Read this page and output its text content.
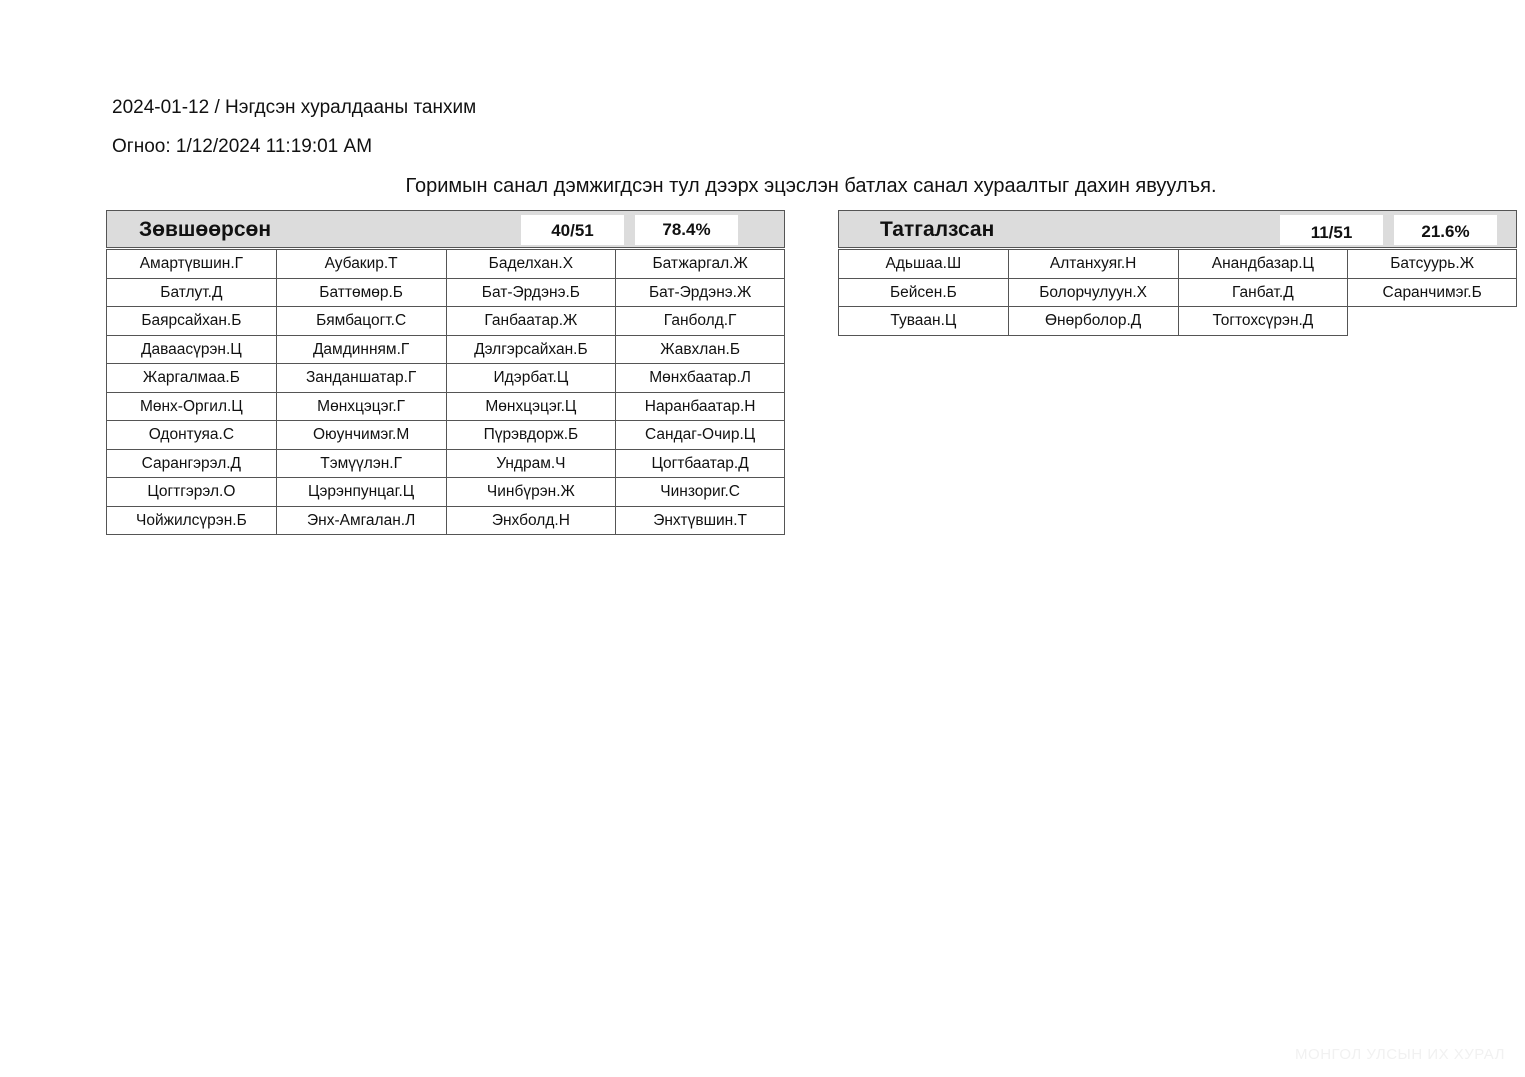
2024-01-12 / Нэгдсэн хуралдааны танхим
Огноо: 1/12/2024 11:19:01 AM
Горимын санал дэмжигдсэн тул дээрх эцэслэн батлах санал хураалтыг дахин явуулъя.
Зөвшөөрсөн	40/51	78.4%
Амартүвшин.Г	Аубакир.Т	Баделхан.Х	Батжаргал.Ж
Батлут.Д	Баттөмөр.Б	Бат-Эрдэнэ.Б	Бат-Эрдэнэ.Ж
Баярсайхан.Б	Бямбацогт.С	Ганбаатар.Ж	Ганболд.Г
Даваасүрэн.Ц	Дамдинням.Г	Дэлгэрсайхан.Б	Жавхлан.Б
Жаргалмаа.Б	Занданшатар.Г	Идэрбат.Ц	Мөнхбаатар.Л
Мөнх-Оргил.Ц	Мөнхцэцэг.Г	Мөнхцэцэг.Ц	Наранбаатар.Н
Одонтуяа.С	Оюунчимэг.М	Пүрэвдорж.Б	Сандаг-Очир.Ц
Сарангэрэл.Д	Тэмүүлэн.Г	Ундрам.Ч	Цогтбаатар.Д
Цогтгэрэл.О	Цэрэнпунцаг.Ц	Чинбүрэн.Ж	Чинзориг.С
Чойжилсүрэн.Б	Энх-Амгалан.Л	Энхболд.Н	Энхтүвшин.Т
Татгалзсан	11/51	21.6%
Адьшаа.Ш	Алтанхуяг.Н	Анандбазар.Ц	Батсуурь.Ж
Бейсен.Б	Болорчулуун.Х	Ганбат.Д	Саранчимэг.Б
Туваан.Ц	Өнөрболор.Д	Тогтохсүрэн.Д
МОНГОЛ УЛСЫН ИХ ХУРАЛ
